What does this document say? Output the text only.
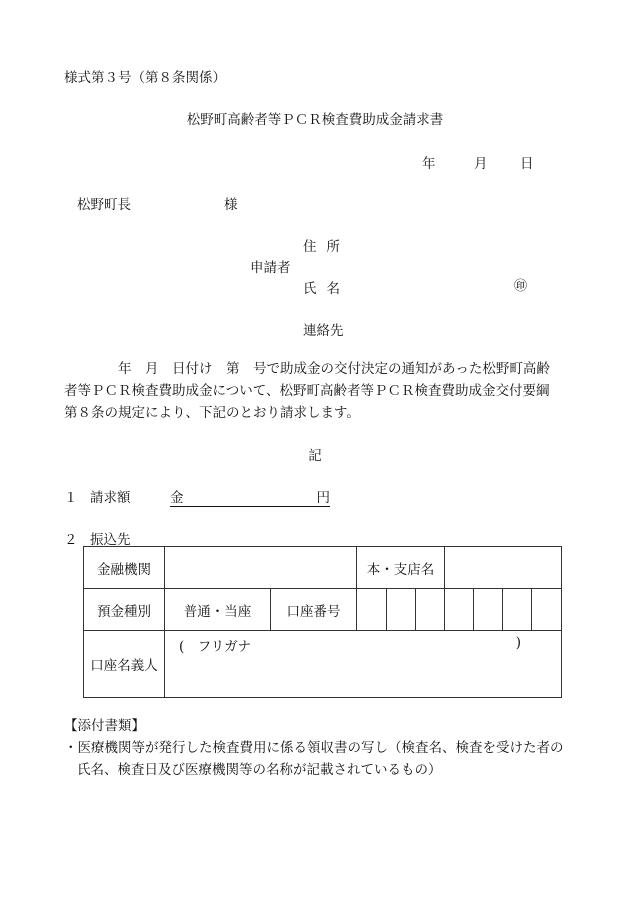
様式第３号（第８条関係）
松野町高齢者等ＰＣＲ検査費助成金請求書
年	月 日
松野町長	様
住所
申請者
氏名	㊞
連絡先

　　　　年　月　日付け　第　号で助成金の交付決定の通知があった松野町高齢者等ＰＣＲ検査費助成金について、松野町高齢者等ＰＣＲ検査費助成金交付要綱第８条の規定により、下記のとおり請求します。

記
１ 請求額	金	円
２ 振込先
金融機関			本・支店名						
預金種別	普通・当座	口座番号							
口座名義人	(　フリガナ )								
【添付書類】

・医療機関等が発行した検査費用に係る領収書の写し（検査名、検査を受けた者の氏名、検査日及び医療機関等の名称が記載されているもの）
